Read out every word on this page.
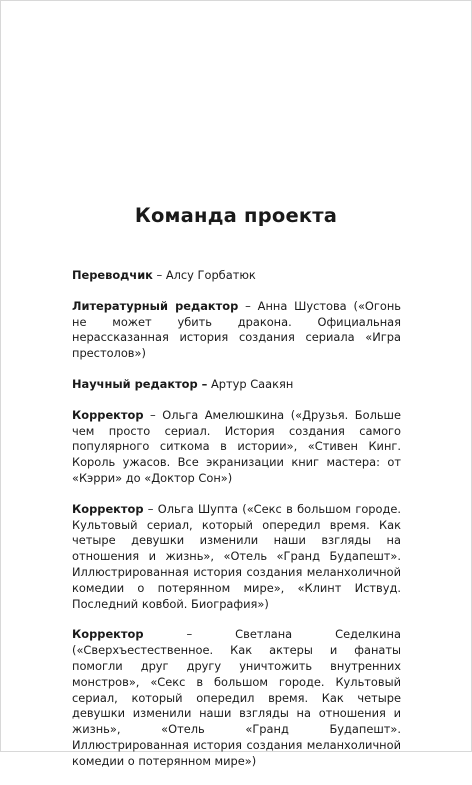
Команда проекта

Переводчик – Алсу Горбатюк

Литературный редактор – Анна Шустова («Огонь не может убить дракона. Официальная нерассказанная история создания сериала «Игра престолов»)

Научный редактор – Артур Саакян

Корректор – Ольга Амелюшкина («Друзья. Больше чем просто сериал. История создания самого популярного ситкома в истории», «Стивен Кинг. Король ужасов. Все экранизации книг мастера: от «Кэрри» до «Доктор Сон»)

Корректор – Ольга Шупта («Секс в большом городе. Культовый сериал, который опередил время. Как четыре девушки изменили наши взгляды на отношения и жизнь», «Отель «Гранд Будапешт». Иллюстрированная история создания меланхоличной комедии о потерянном мире», «Клинт Иствуд. Последний ковбой. Биография»)

Корректор – Светлана Седелкина («Сверхъестественное. Как актеры и фанаты помогли друг другу уничтожить внутренних монстров», «Секс в большом городе. Культовый сериал, который опередил время. Как четыре девушки изменили наши взгляды на отношения и жизнь», «Отель «Гранд Будапешт». Иллюстрированная история создания меланхоличной комедии о потерянном мире»)
